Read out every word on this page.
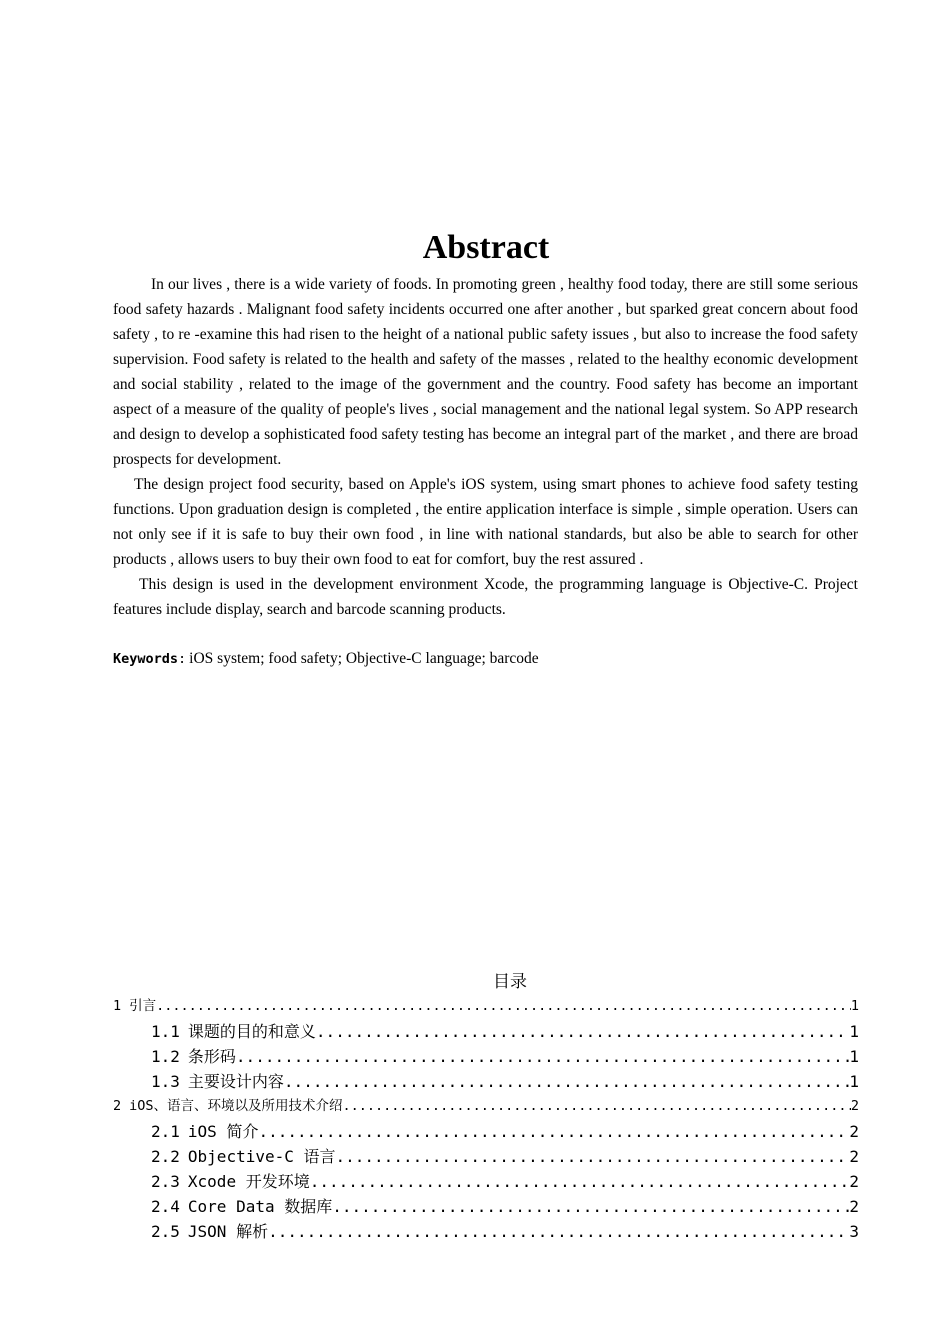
Abstract

In our lives , there is a wide variety of foods. In promoting green , healthy food today, there are still some serious food safety hazards . Malignant food safety incidents occurred one after another , but sparked great concern about food safety , to re -examine this had risen to the height of a national public safety issues , but also to increase the food safety supervision. Food safety is related to the health and safety of the masses , related to the healthy economic development and social stability , related to the image of the government and the country. Food safety has become an important aspect of a measure of the quality of people's lives , social management and the national legal system. So APP research and design to develop a sophisticated food safety testing has become an integral part of the market , and there are broad prospects for development.

The design project food security, based on Apple's iOS system, using smart phones to achieve food safety testing functions. Upon graduation design is completed , the entire application interface is simple , simple operation. Users can not only see if it is safe to buy their own food , in line with national standards, but also be able to search for other products , allows users to buy their own food to eat for comfort, buy the rest assured .

This design is used in the development environment Xcode, the programming language is Objective-C. Project features include display, search and barcode scanning products.

Keywords: iOS system; food safety; Objective-C language; barcode
目录
1 引言 .....	1
1.1 课题的目的和意义 .....	1
1.2 条形码 .....	1
1.3 主要设计内容 .....	1
2 iOS、语言、环境以及所用技术介绍 .....	2
2.1 iOS 简介 .....	2
2.2 Objective-C 语言 .....	2
2.3 Xcode 开发环境 .....	2
2.4 Core Data 数据库 .....	2
2.5 JSON 解析 .....	3
